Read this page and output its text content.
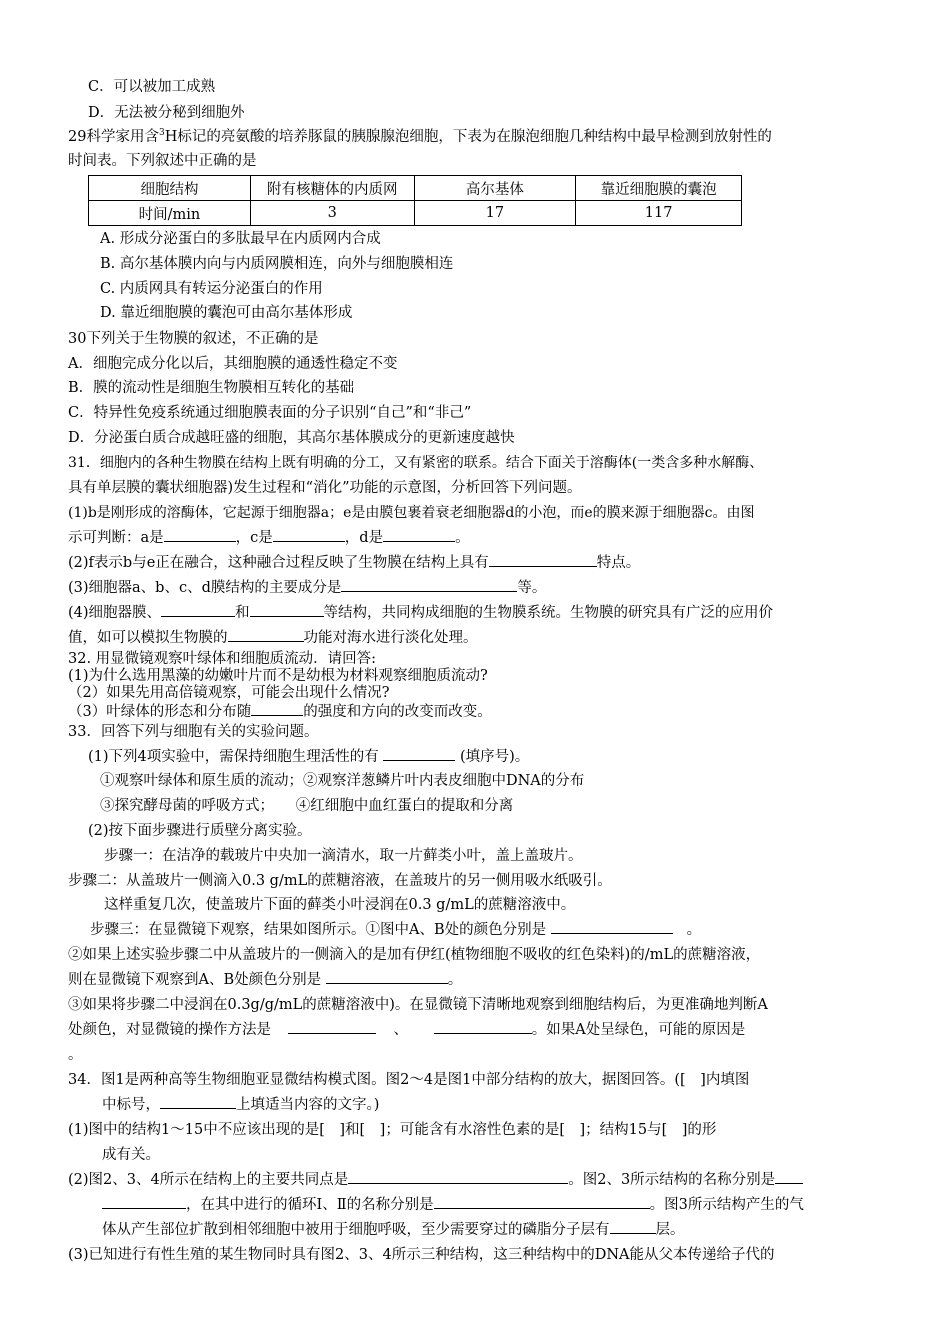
C．可以被加工成熟
D．无法被分秘到细胞外
29科学家用含$^3$H标记的亮氨酸的培养豚鼠的胰腺腺泡细胞，下表为在腺泡细胞几种结构中最早检测到放射性的
时间表。下列叙述中正确的是
细胞结构	附有核糖体的内质网	高尔基体	靠近细胞膜的囊泡
时间/min	3	17	117
A. 形成分泌蛋白的多肽最早在内质网内合成
B. 高尔基体膜内向与内质网膜相连，向外与细胞膜相连
C. 内质网具有转运分泌蛋白的作用
D. 靠近细胞膜的囊泡可由高尔基体形成
30下列关于生物膜的叙述，不正确的是
A．细胞完成分化以后，其细胞膜的通透性稳定不变
B．膜的流动性是细胞生物膜相互转化的基础
C．特异性免疫系统通过细胞膜表面的分子识别“自己”和“非己”
D．分泌蛋白质合成越旺盛的细胞，其高尔基体膜成分的更新速度越快
31．细胞内的各种生物膜在结构上既有明确的分工，又有紧密的联系。结合下面关于溶酶体(一类含多种水解酶、
具有单层膜的囊状细胞器)发生过程和“消化”功能的示意图，分析回答下列问题。
(1)b是刚形成的溶酶体，它起源于细胞器a；e是由膜包裹着衰老细胞器d的小泡，而e的膜来源于细胞器c。由图
示可判断：a是	，c是	，d是	。
(2)f表示b与e正在融合，这种融合过程反映了生物膜在结构上具有	特点。
(3)细胞器a、b、c、d膜结构的主要成分是	等。
(4)细胞器膜、	和	等结构，共同构成细胞的生物膜系统。生物膜的研究具有广泛的应用价
值，如可以模拟生物膜的	功能对海水进行淡化处理。
32. 用显微镜观察叶绿体和细胞质流动．请回答:
(1)为什么选用黑藻的幼嫩叶片而不是幼根为材料观察细胞质流动?
（2）如果先用高倍镜观察，可能会出现什么情况?
（3）叶绿体的形态和分布随	的强度和方向的改变而改变。
33．回答下列与细胞有关的实验问题。
(1)下列4项实验中，需保持细胞生理活性的有	(填序号)。
①观察叶绿体和原生质的流动；②观察洋葱鳞片叶内表皮细胞中DNA的分布
③探究酵母菌的呼吸方式；　　④红细胞中血红蛋白的提取和分离
(2)按下面步骤进行质壁分离实验。
步骤一：在洁净的载玻片中央加一滴清水，取一片藓类小叶，盖上盖玻片。
步骤二：从盖玻片一侧滴入0.3 g/mL的蔗糖溶液，在盖玻片的另一侧用吸水纸吸引。
这样重复几次，使盖玻片下面的藓类小叶浸润在0.3 g/mL的蔗糖溶液中。
步骤三：在显微镜下观察，结果如图所示。①图中A、B处的颜色分别是	。
②如果上述实验步骤二中从盖玻片的一侧滴入的是加有伊红(植物细胞不吸收的红色染料)的/mL的蔗糖溶液，
则在显微镜下观察到A、B处颜色分别是	。
③如果将步骤二中浸润在0.3g/g/mL的蔗糖溶液中)。在显微镜下清晰地观察到细胞结构后，为更准确地判断A
处颜色，对显微镜的操作方法是	、	。如果A处呈绿色，可能的原因是
。
34．图1是两种高等生物细胞亚显微结构模式图。图2～4是图1中部分结构的放大，据图回答。([　]内填图
中标号，	上填适当内容的文字。)
(1)图中的结构1～15中不应该出现的是[　]和[　]；可能含有水溶性色素的是[　]；结构15与[　]的形
成有关。
(2)图2、3、4所示在结构上的主要共同点是	。图2、3所示结构的名称分别是
，在其中进行的循环Ⅰ、Ⅱ的名称分别是	。图3所示结构产生的气
体从产生部位扩散到相邻细胞中被用于细胞呼吸，至少需要穿过的磷脂分子层有	层。
(3)已知进行有性生殖的某生物同时具有图2、3、4所示三种结构，这三种结构中的DNA能从父本传递给子代的
